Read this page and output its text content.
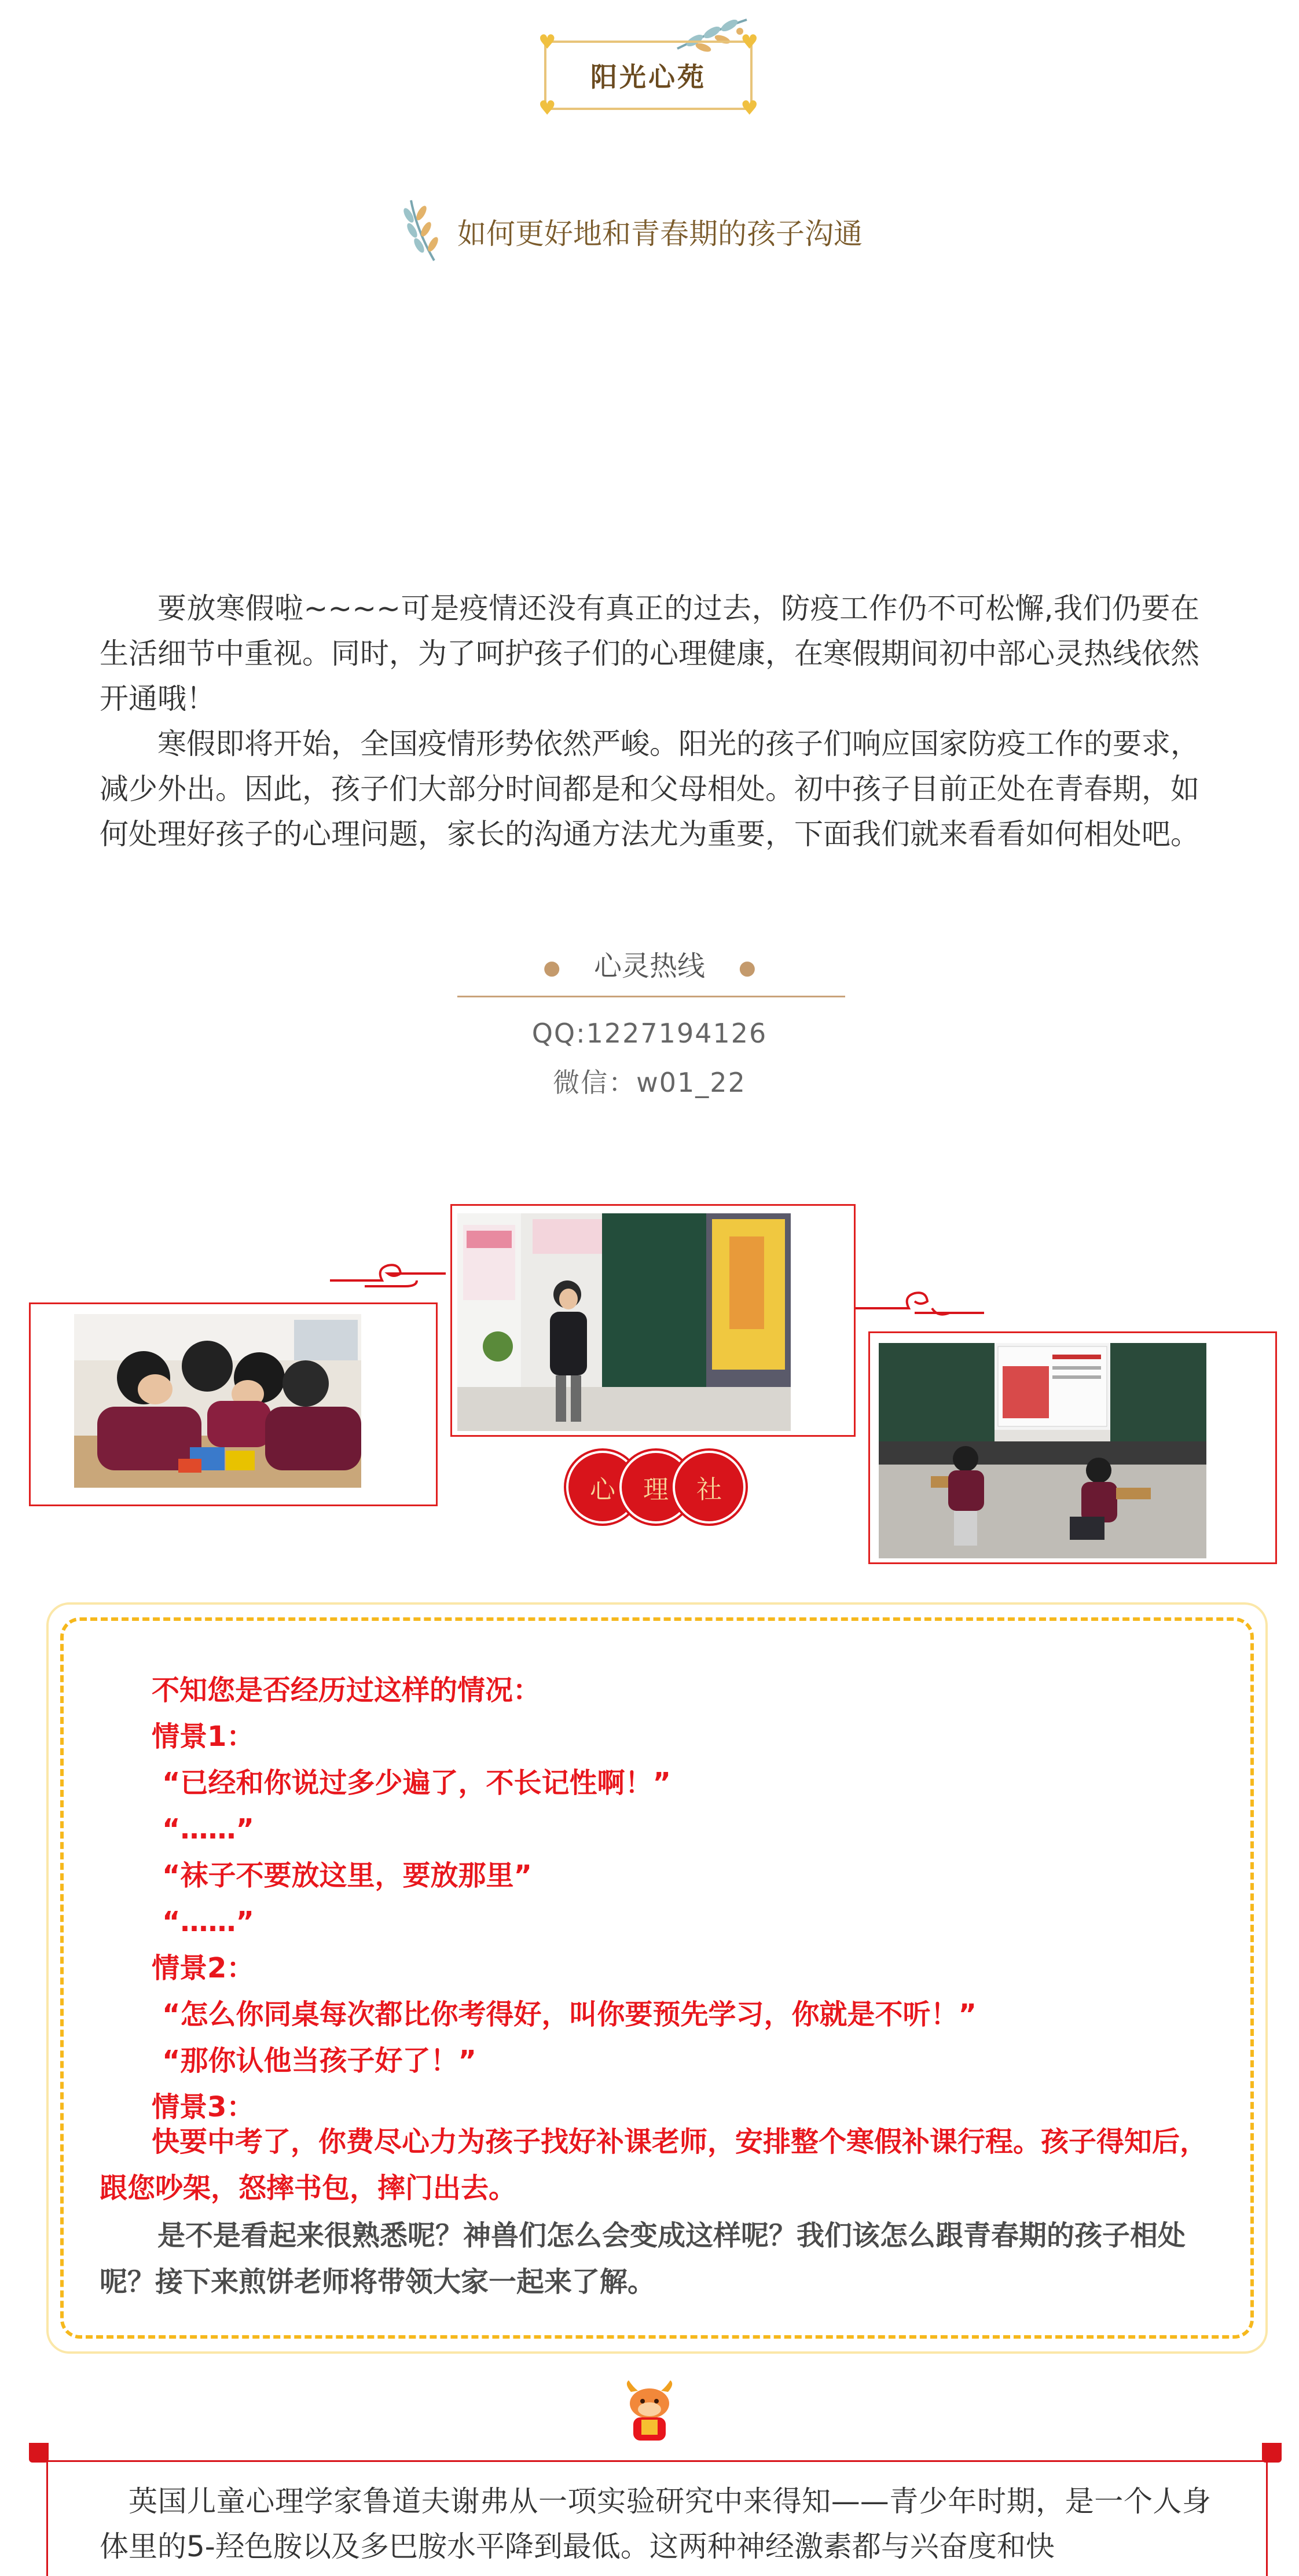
♥	♥
♥	♥
阳光心苑
如何更好地和青春期的孩子沟通
要放寒假啦~~~~可是疫情还没有真正的过去，防疫工作仍不可松懈,我们仍要在生活细节中重视。同时，为了呵护孩子们的心理健康，在寒假期间初中部心灵热线依然开通哦！
寒假即将开始，全国疫情形势依然严峻。阳光的孩子们响应国家防疫工作的要求，减少外出。因此，孩子们大部分时间都是和父母相处。初中孩子目前正处在青春期，如何处理好孩子的心理问题，家长的沟通方法尤为重要，下面我们就来看看如何相处吧。
● 心灵热线 ●
QQ:1227194126
微信：w01_22
心 理 社
不知您是否经历过这样的情况：
情景1：
“已经和你说过多少遍了，不长记性啊！”
“……”
“袜子不要放这里，要放那里”
“……”
情景2：
“怎么你同桌每次都比你考得好，叫你要预先学习，你就是不听！”
“那你认他当孩子好了！”
情景3：
快要中考了，你费尽心力为孩子找好补课老师，安排整个寒假补课行程。孩子得知后，跟您吵架，怒摔书包，摔门出去。
是不是看起来很熟悉呢？神兽们怎么会变成这样呢？我们该怎么跟青春期的孩子相处呢？接下来煎饼老师将带领大家一起来了解。
英国儿童心理学家鲁道夫谢弗从一项实验研究中来得知——青少年时期，是一个人身体里的5-羟色胺以及多巴胺水平降到最低。这两种神经激素都与兴奋度和快
